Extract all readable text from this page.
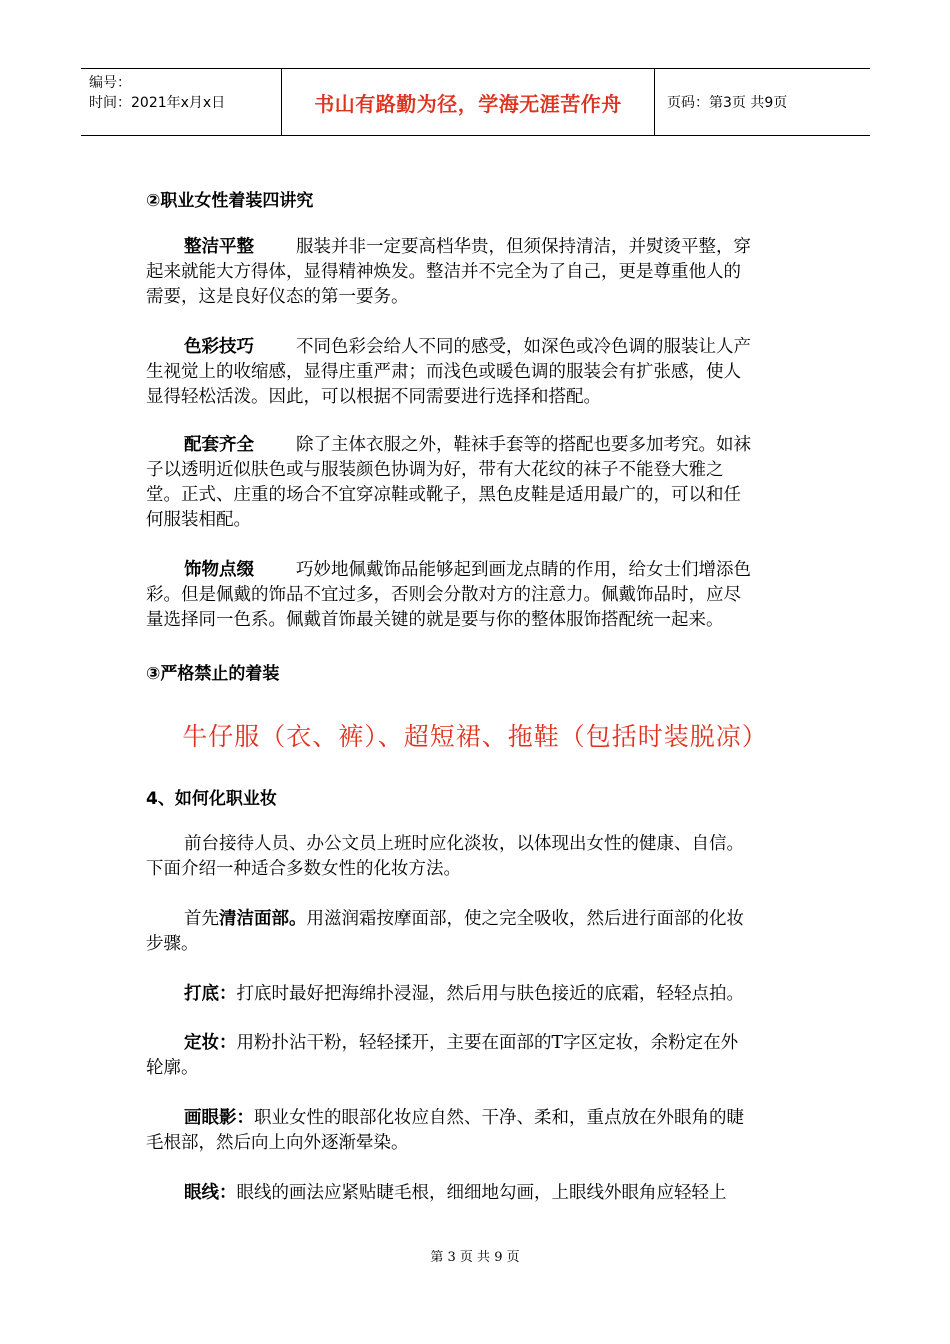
编号：
时间：2021年x月x日	书山有路勤为径，学海无涯苦作舟	页码：第3页 共9页
②职业女性着装四讲究

整洁平整 服装并非一定要高档华贵，但须保持清洁，并熨烫平整，穿

起来就能大方得体，显得精神焕发。整洁并不完全为了自己，更是尊重他人的

需要，这是良好仪态的第一要务。

色彩技巧 不同色彩会给人不同的感受，如深色或冷色调的服装让人产

生视觉上的收缩感，显得庄重严肃；而浅色或暖色调的服装会有扩张感，使人

显得轻松活泼。因此，可以根据不同需要进行选择和搭配。

配套齐全 除了主体衣服之外，鞋袜手套等的搭配也要多加考究。如袜

子以透明近似肤色或与服装颜色协调为好，带有大花纹的袜子不能登大雅之

堂。正式、庄重的场合不宜穿凉鞋或靴子，黑色皮鞋是适用最广的，可以和任

何服装相配。

饰物点缀 巧妙地佩戴饰品能够起到画龙点睛的作用，给女士们增添色

彩。但是佩戴的饰品不宜过多，否则会分散对方的注意力。佩戴饰品时，应尽

量选择同一色系。佩戴首饰最关键的就是要与你的整体服饰搭配统一起来。

③严格禁止的着装
牛仔服（衣、裤）、超短裙、拖鞋（包括时装脱凉）
4、如何化职业妆

前台接待人员、办公文员上班时应化淡妆，以体现出女性的健康、自信。

下面介绍一种适合多数女性的化妆方法。

首先清洁面部。用滋润霜按摩面部，使之完全吸收，然后进行面部的化妆

步骤。

打底：打底时最好把海绵扑浸湿，然后用与肤色接近的底霜，轻轻点拍。

定妆：用粉扑沾干粉，轻轻揉开，主要在面部的T字区定妆，余粉定在外

轮廓。

画眼影：职业女性的眼部化妆应自然、干净、柔和，重点放在外眼角的睫

毛根部，然后向上向外逐渐晕染。

眼线：眼线的画法应紧贴睫毛根，细细地勾画，上眼线外眼角应轻轻上

第 3 页 共 9 页
